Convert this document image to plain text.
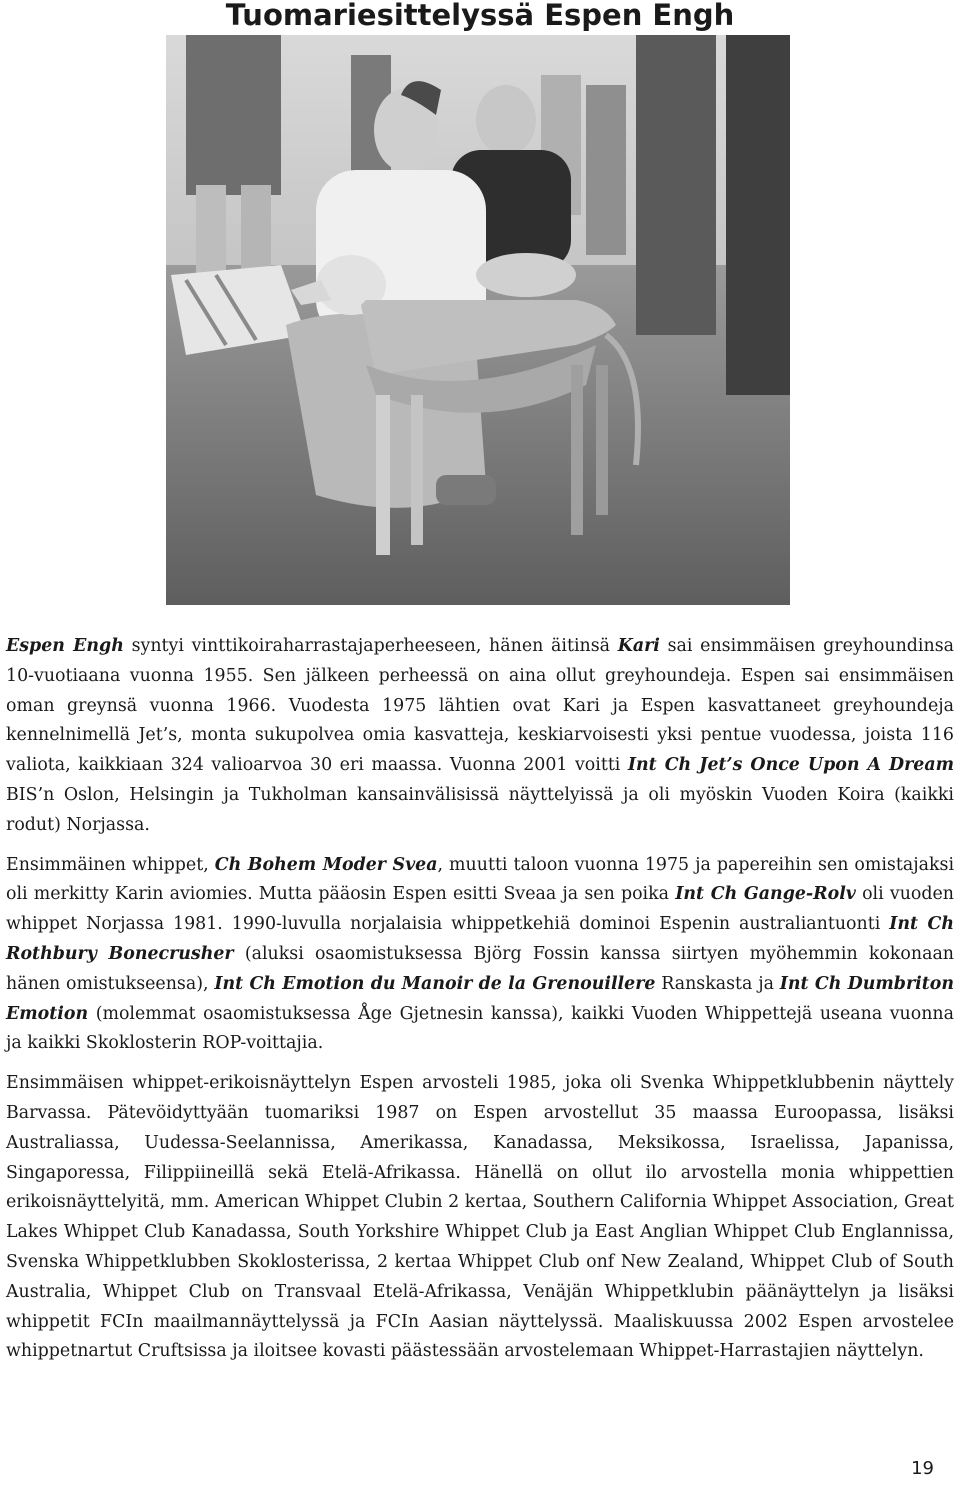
Tuomariesittelyssä Espen Engh

Espen Engh syntyi vinttikoiraharrastajaperheeseen, hänen äitinsä Kari sai ensimmäisen greyhoundinsa 10-vuotiaana vuonna 1955. Sen jälkeen perheessä on aina ollut greyhoundeja. Espen sai ensimmäisen oman greynsä vuonna 1966. Vuodesta 1975 lähtien ovat Kari ja Espen kasvattaneet greyhoundeja kennelnimellä Jet’s, monta sukupolvea omia kasvatteja, keskiarvoisesti yksi pentue vuodessa, joista 116 valiota, kaikkiaan 324 valioarvoa 30 eri maassa. Vuonna 2001 voitti Int Ch Jet’s Once Upon A Dream BIS’n Oslon, Helsingin ja Tukholman kansainvälisissä näyttelyissä ja oli myöskin Vuoden Koira (kaikki rodut) Norjassa.

Ensimmäinen whippet, Ch Bohem Moder Svea, muutti taloon vuonna 1975 ja papereihin sen omistajaksi oli merkitty Karin aviomies. Mutta pääosin Espen esitti Sveaa ja sen poika Int Ch Gange-Rolv oli vuoden whippet Norjassa 1981. 1990-luvulla norjalaisia whippetkehiä dominoi Espenin australiantuonti Int Ch Rothbury Bonecrusher (aluksi osaomistuksessa Björg Fossin kanssa siirtyen myöhemmin kokonaan hänen omistukseensa), Int Ch Emotion du Manoir de la Grenouillere Ranskasta ja Int Ch Dumbriton Emotion (molemmat osaomistuksessa Åge Gjetnesin kanssa), kaikki Vuoden Whippettejä useana vuonna ja kaikki Skoklosterin ROP-voittajia.

Ensimmäisen whippet-erikoisnäyttelyn Espen arvosteli 1985, joka oli Svenka Whippetklubbenin näyttely Barvassa. Pätevöidyttyään tuomariksi 1987 on Espen arvostellut 35 maassa Euroopassa, lisäksi Australiassa, Uudessa-Seelannissa, Amerikassa, Kanadassa, Meksikossa, Israelissa, Japanissa, Singaporessa, Filippiineillä sekä Etelä-Afrikassa. Hänellä on ollut ilo arvostella monia whippettien erikoisnäyttelyitä, mm. American Whippet Clubin 2 kertaa, Southern California Whippet Association, Great Lakes Whippet Club Kanadassa, South Yorkshire Whippet Club ja East Anglian Whippet Club Englannissa, Svenska Whippetklubben Skoklosterissa, 2 kertaa Whippet Club onf New Zealand, Whippet Club of South Australia, Whippet Club on Transvaal Etelä-Afrikassa, Venäjän Whippetklubin päänäyttelyn ja lisäksi whippetit FCIn maailmannäyttelyssä ja FCIn Aasian näyttelyssä. Maaliskuussa 2002 Espen arvostelee whippetnartut Cruftsissa ja iloitsee kovasti päästessään arvostelemaan Whippet-Harrastajien näyttelyn.

19
